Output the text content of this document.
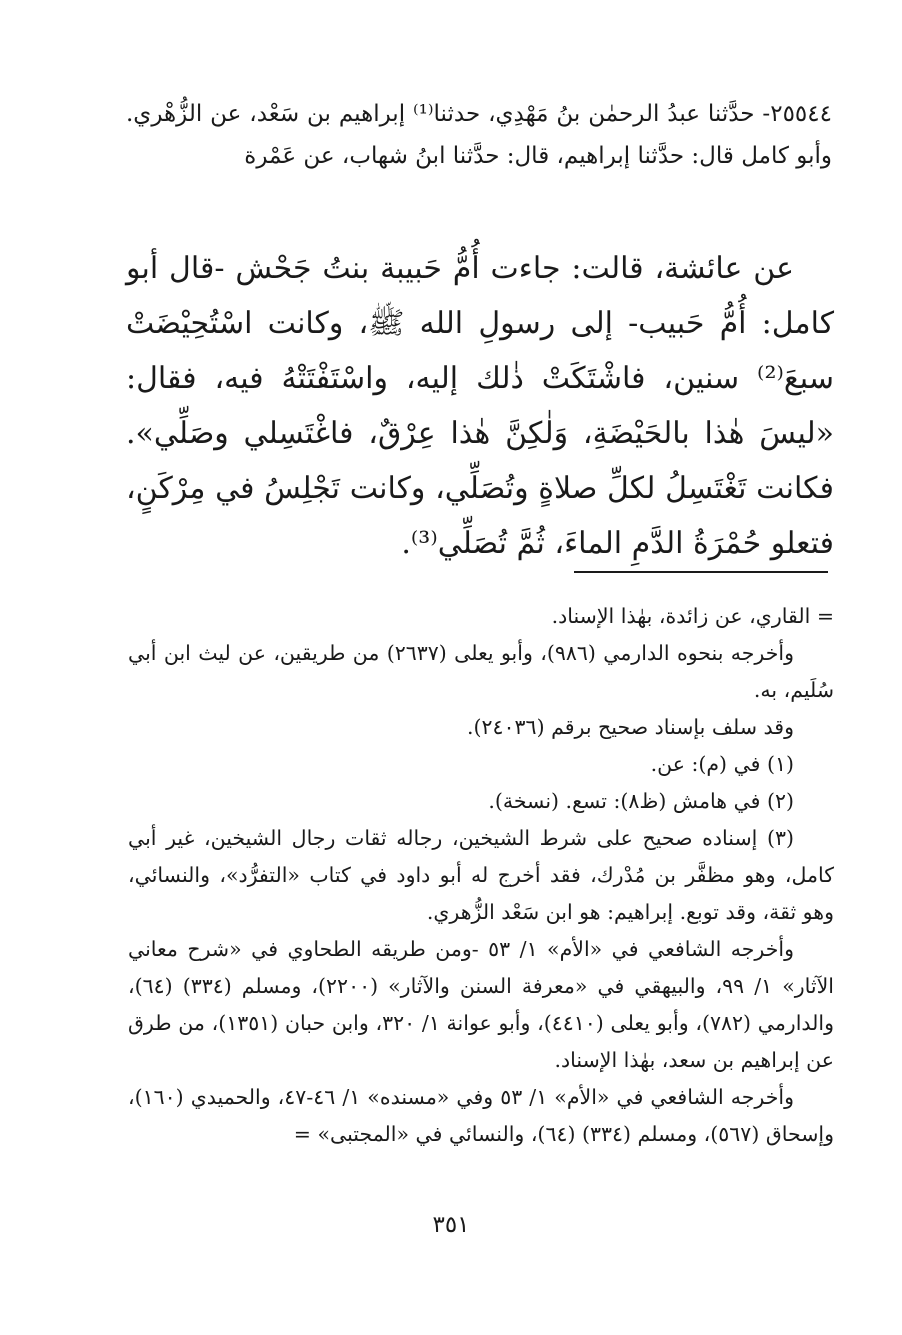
٢٥٥٤٤- حدَّثنا عبدُ الرحمٰن بنُ مَهْدِي، حدثنا⁽¹⁾ إبراهيم بن سَعْد، عن الزُّهْري. وأبو كامل قال: حدَّثنا إبراهيم، قال: حدَّثنا ابنُ شهاب، عن عَمْرة

عن عائشة، قالت: جاءت أُمُّ حَبيبة بنتُ جَحْش -قال أبو كامل: أُمُّ حَبيب- إلى رسولِ الله ﷺ، وكانت اسْتُحِيْضَتْ سبعَ⁽²⁾ سنين، فاشْتَكَتْ ذٰلك إليه، واسْتَفْتَتْهُ فيه، فقال: «ليسَ هٰذا بالحَيْضَةِ، وَلٰكِنَّ هٰذا عِرْقٌ، فاغْتَسِلي وصَلِّي». فكانت تَغْتَسِلُ لكلِّ صلاةٍ وتُصَلِّي، وكانت تَجْلِسُ في مِرْكَنٍ، فتعلو حُمْرَةُ الدَّمِ الماءَ، ثُمَّ تُصَلِّي⁽³⁾.

= القاري، عن زائدة، بهٰذا الإسناد.

وأخرجه بنحوه الدارمي (٩٨٦)، وأبو يعلى (٢٦٣٧) من طريقين، عن ليث ابن أبي سُلَيم، به.

وقد سلف بإسناد صحيح برقم (٢٤٠٣٦).

(١) في (م): عن.

(٢) في هامش (ظ٨): تسع. (نسخة).

(٣) إسناده صحيح على شرط الشيخين، رجاله ثقات رجال الشيخين، غير أبي كامل، وهو مظفَّر بن مُدْرك، فقد أخرج له أبو داود في كتاب «التفرُّد»، والنسائي، وهو ثقة، وقد توبع. إبراهيم: هو ابن سَعْد الزُّهري.

وأخرجه الشافعي في «الأم» ١/ ٥٣ -ومن طريقه الطحاوي في «شرح معاني الآثار» ١/ ٩٩، والبيهقي في «معرفة السنن والآثار» (٢٢٠٠)، ومسلم (٣٣٤) (٦٤)، والدارمي (٧٨٢)، وأبو يعلى (٤٤١٠)، وأبو عوانة ١/ ٣٢٠، وابن حبان (١٣٥١)، من طرق عن إبراهيم بن سعد، بهٰذا الإسناد.

وأخرجه الشافعي في «الأم» ١/ ٥٣ وفي «مسنده» ١/ ٤٦-٤٧، والحميدي (١٦٠)، وإسحاق (٥٦٧)، ومسلم (٣٣٤) (٦٤)، والنسائي في «المجتبى» =

٣٥١
